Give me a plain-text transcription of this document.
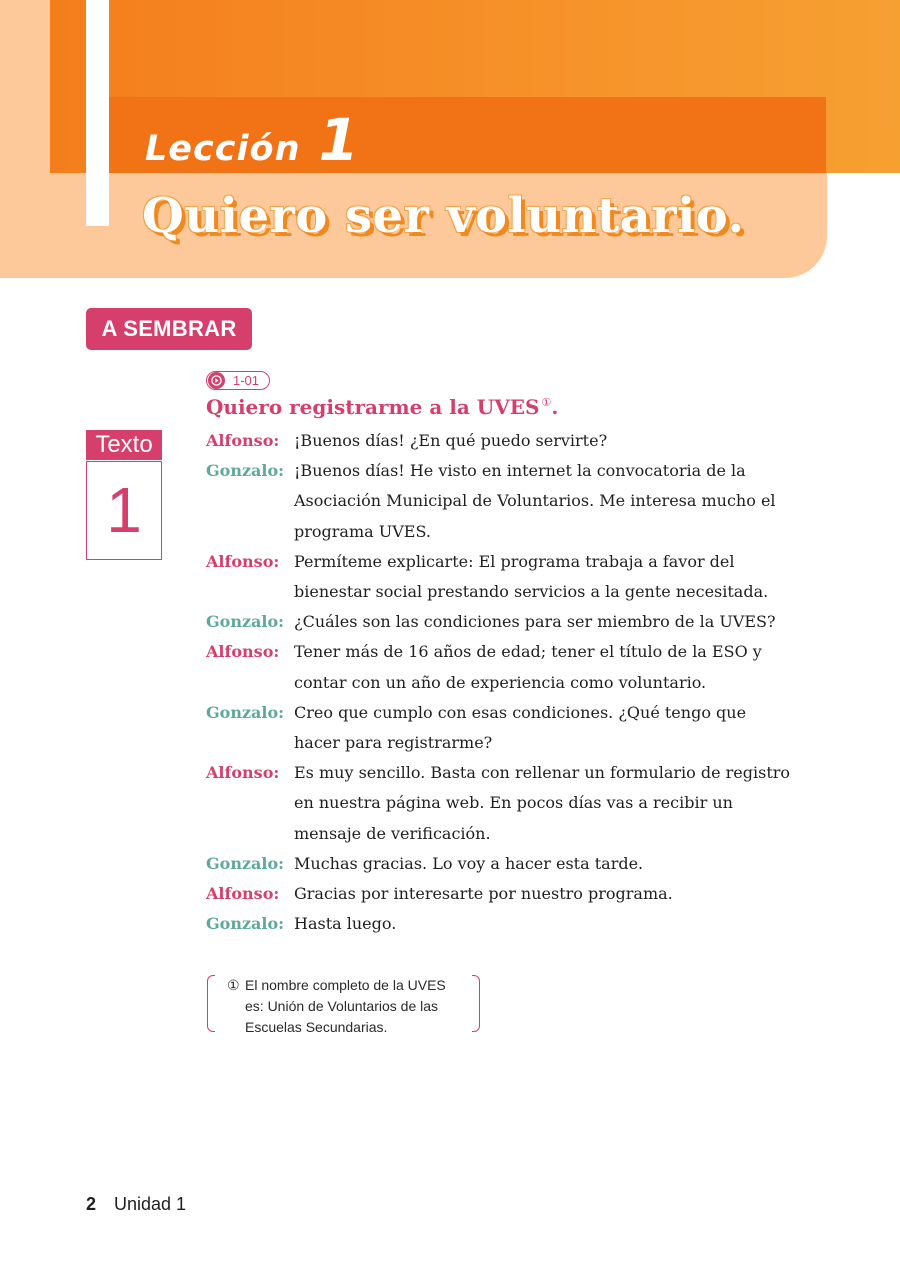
Lección 1
Quiero ser voluntario.
A SEMBRAR
1-01
Texto
1
Quiero registrarme a la UVES ①.
Alfonso: ¡Buenos días! ¿En qué puedo servirte?
Gonzalo: ¡Buenos días! He visto en internet la convocatoria de la Asociación Municipal de Voluntarios. Me interesa mucho el programa UVES.
Alfonso: Permíteme explicarte: El programa trabaja a favor del bienestar social prestando servicios a la gente necesitada.
Gonzalo: ¿Cuáles son las condiciones para ser miembro de la UVES?
Alfonso: Tener más de 16 años de edad; tener el título de la ESO y contar con un año de experiencia como voluntario.
Gonzalo: Creo que cumplo con esas condiciones. ¿Qué tengo que hacer para registrarme?
Alfonso: Es muy sencillo. Basta con rellenar un formulario de registro en nuestra página web. En pocos días vas a recibir un mensaje de verificación.
Gonzalo: Muchas gracias. Lo voy a hacer esta tarde.
Alfonso: Gracias por interesarte por nuestro programa.
Gonzalo: Hasta luego.
① El nombre completo de la UVES
es: Unión de Voluntarios de las
Escuelas Secundarias.
2 Unidad 1
